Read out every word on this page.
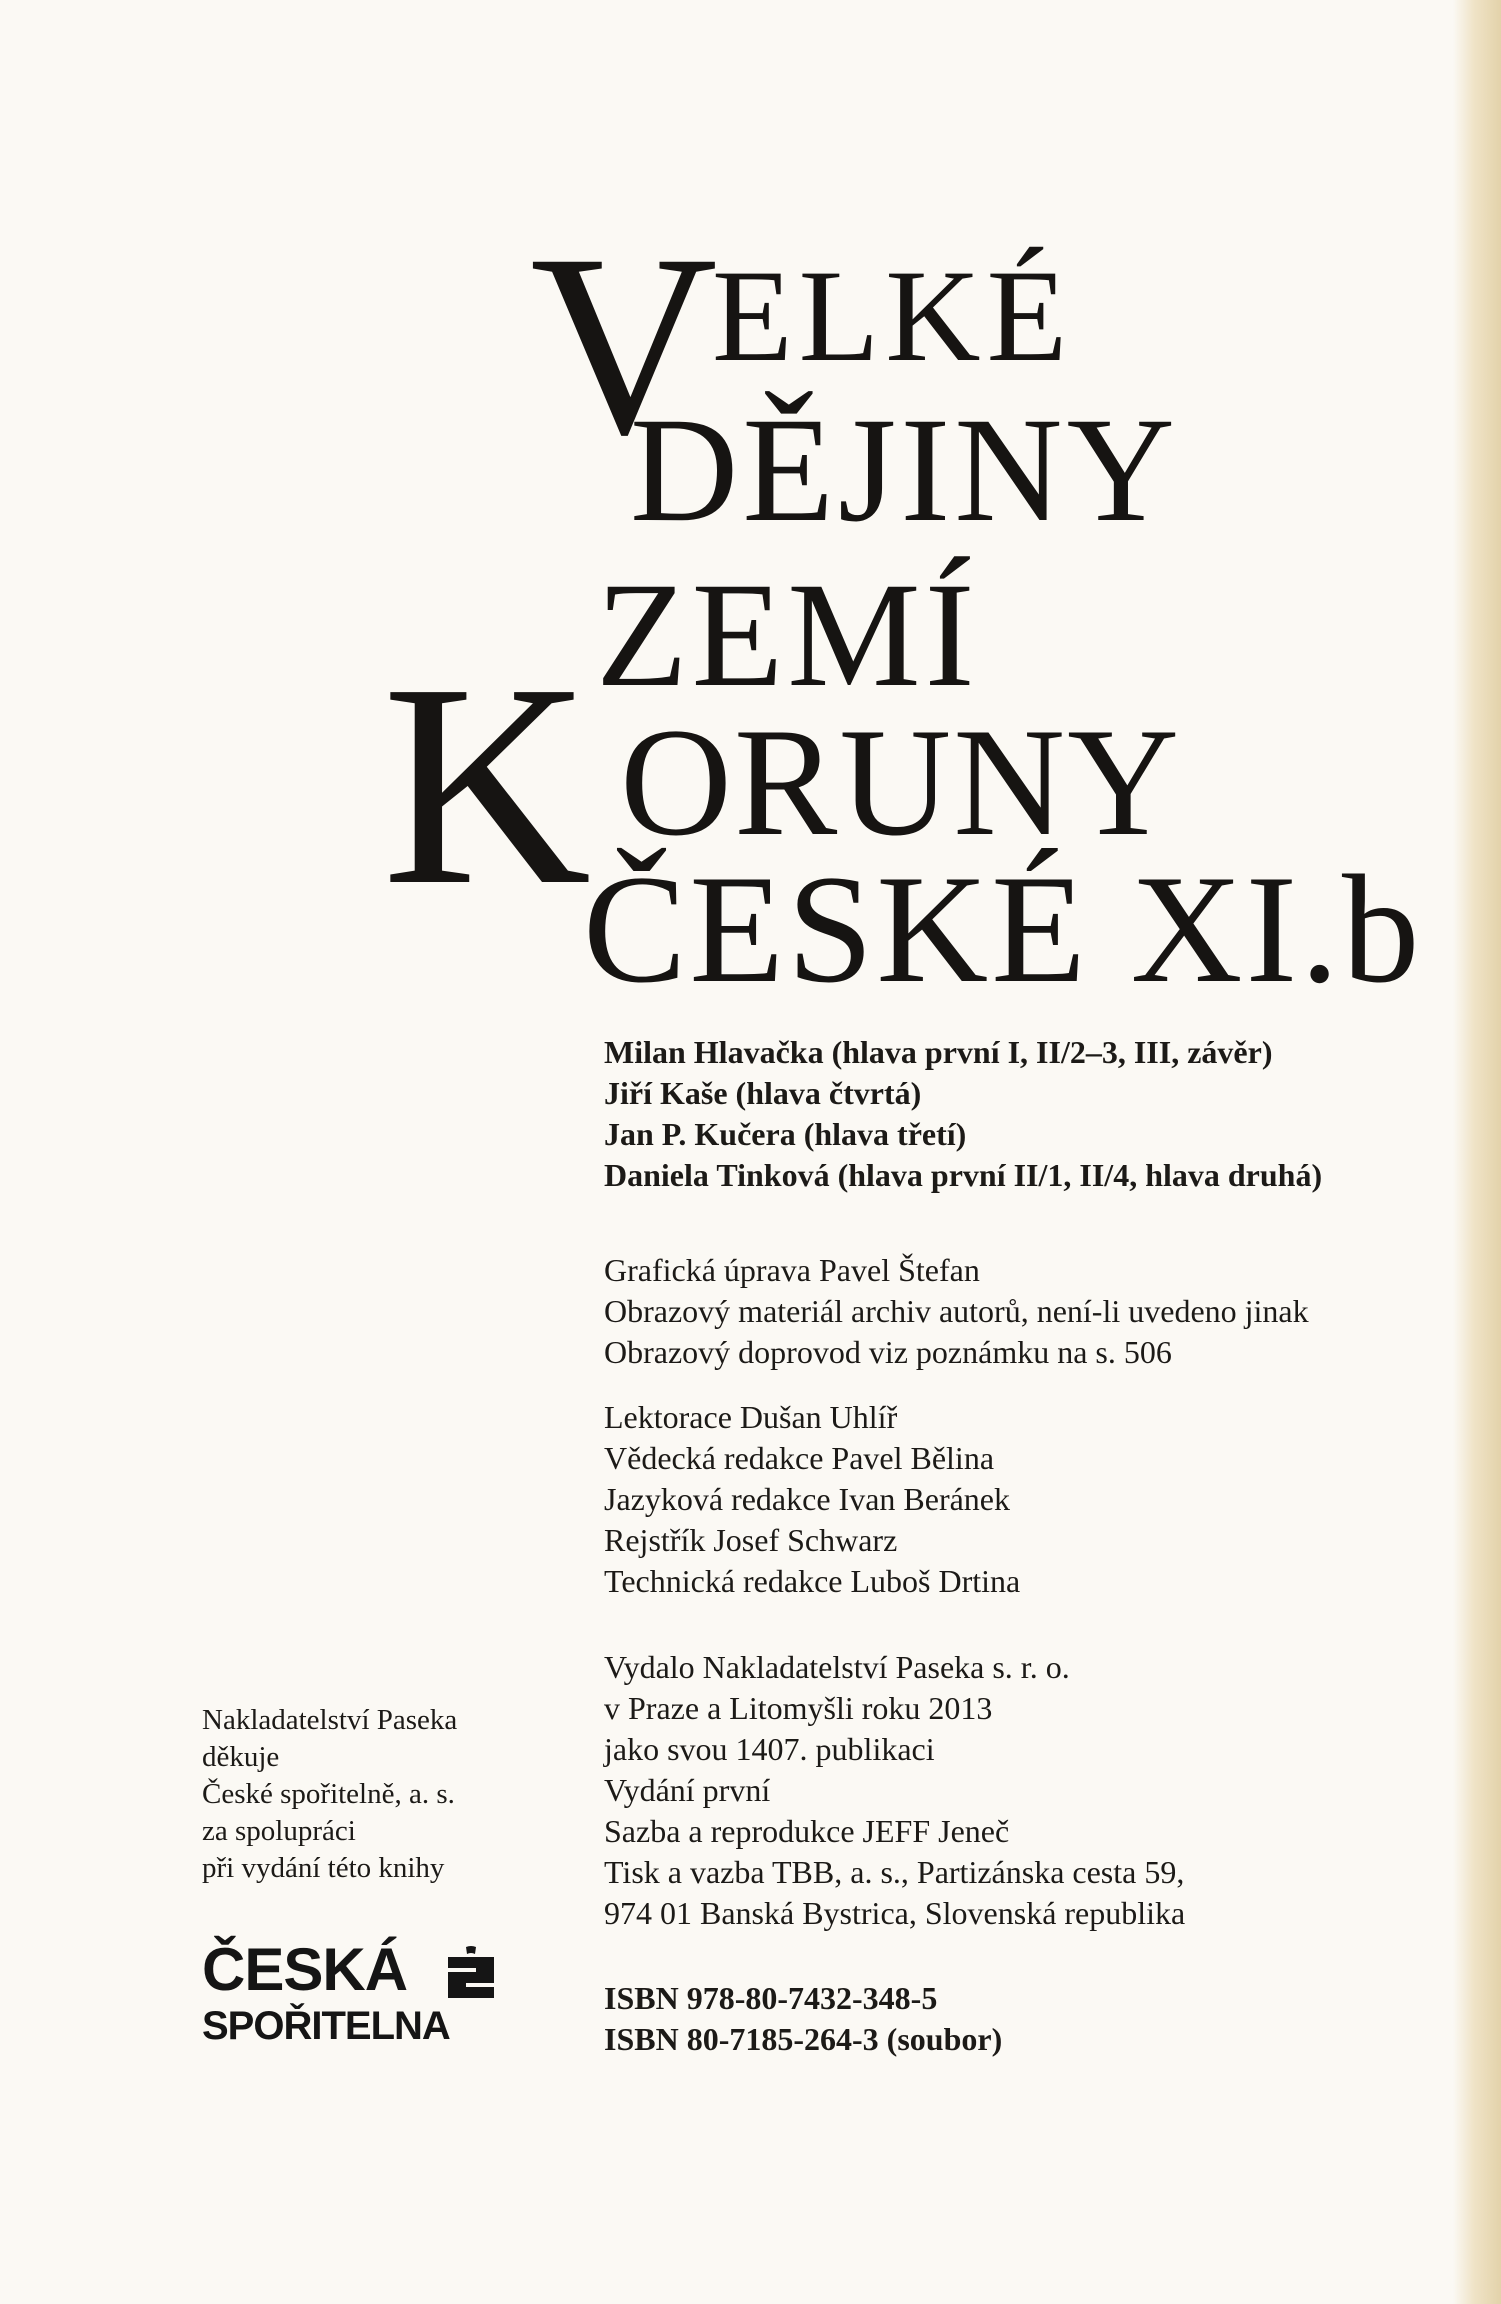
V
ELKÉ
DĚJINY
ZEMÍ
K ORUNY
ČESKÉ XI.b
Milan Hlavačka (hlava první I, II/2–3, III, závěr)
Jiří Kaše (hlava čtvrtá)
Jan P. Kučera (hlava třetí)
Daniela Tinková (hlava první II/1, II/4, hlava druhá)
Grafická úprava Pavel Štefan
Obrazový materiál archiv autorů, není-li uvedeno jinak
Obrazový doprovod viz poznámku na s. 506
Lektorace Dušan Uhlíř
Vědecká redakce Pavel Bělina
Jazyková redakce Ivan Beránek
Rejstřík Josef Schwarz
Technická redakce Luboš Drtina
Vydalo Nakladatelství Paseka s. r. o.
v Praze a Litomyšli roku 2013
jako svou 1407. publikaci
Vydání první
Sazba a reprodukce JEFF Jeneč
Tisk a vazba TBB, a. s., Partizánska cesta 59,
974 01 Banská Bystrica, Slovenská republika
ISBN 978-80-7432-348-5
ISBN 80-7185-264-3 (soubor)
Nakladatelství Paseka
děkuje
České spořitelně, a. s.
za spolupráci
při vydání této knihy
ČESKÁ
SPOŘITELNA
